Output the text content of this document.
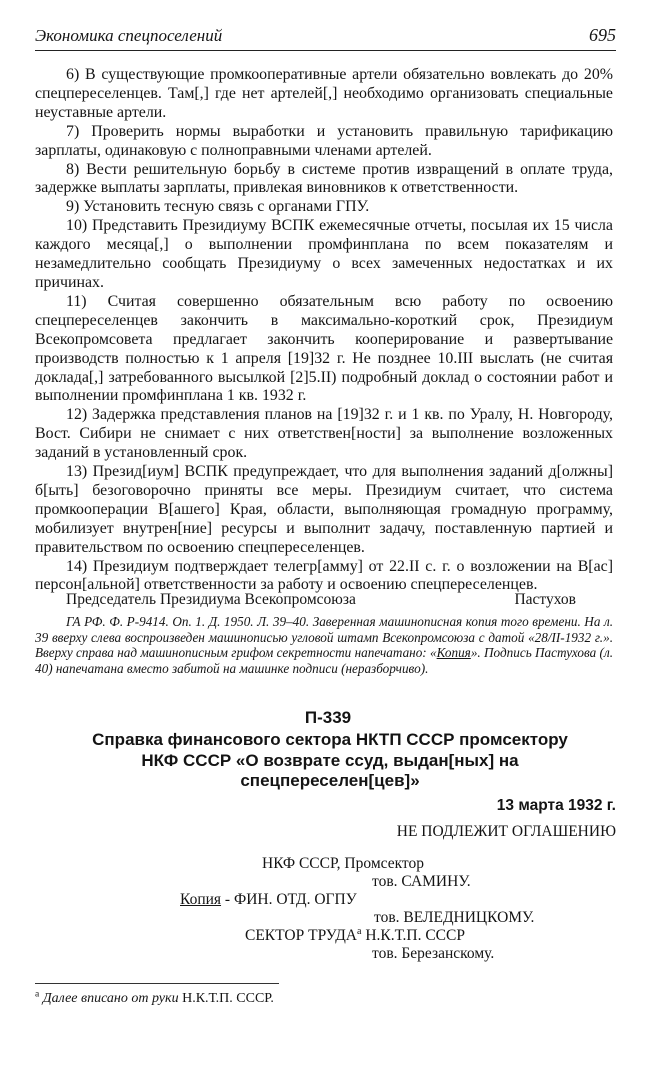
Экономика спецпоселений	695

6) В существующие промкооперативные артели обязательно вовлекать до 20% спецпереселенцев. Там[,] где нет артелей[,] необходимо организовать специальные неуставные артели.

7) Проверить нормы выработки и установить правильную тарификацию зарплаты, одинаковую с полноправными членами артелей.

8) Вести решительную борьбу в системе против извращений в оплате труда, задержке выплаты зарплаты, привлекая виновников к ответственности.

9) Установить тесную связь с органами ГПУ.

10) Представить Президиуму ВСПК ежемесячные отчеты, посылая их 15 числа каждого месяца[,] о выполнении промфинплана по всем показателям и незамедлительно сообщать Президиуму о всех замеченных недостатках и их причинах.

11) Считая совершенно обязательным всю работу по освоению спецпереселенцев закончить в максимально-короткий срок, Президиум Всекопромсовета предлагает закончить кооперирование и развертывание производств полностью к 1 апреля [19]32 г. Не позднее 10.III выслать (не считая доклада[,] затребованного высылкой [2]5.II) подробный доклад о состоянии работ и выполнении промфинплана 1 кв. 1932 г.

12) Задержка представления планов на [19]32 г. и 1 кв. по Уралу, Н. Новгороду, Вост. Сибири не снимает с них ответствен[ности] за выполнение возложенных заданий в установленный срок.

13) Презид[иум] ВСПК предупреждает, что для выполнения заданий д[олжны] б[ыть] безоговорочно приняты все меры. Президиум считает, что система промкооперации В[ашего] Края, области, выполняющая громадную программу, мобилизует внутрен[ние] ресурсы и выполнит задачу, поставленную партией и правительством по освоению спецпереселенцев.

14) Президиум подтверждает телегр[амму] от 22.II с. г. о возложении на В[ас] персон[альной] ответственности за работу и освоению спецпереселенцев.

Председатель Президиума Всекопромсоюза	Пастухов

ГА РФ. Ф. Р-9414. Оп. 1. Д. 1950. Л. 39–40. Заверенная машинописная копия того времени. На л. 39 вверху слева воспроизведен машинописью угловой штамп Всекопромсоюза с датой «28/II-1932 г.». Вверху справа над машинописным грифом секретности напечатано: «Копия». Подпись Пастухова (л. 40) напечатана вместо забитой на машинке подписи (неразборчиво).

П-339
Справка финансового сектора НКТП СССР промсектору НКФ СССР «О возврате ссуд, выдан[ных] на спецпереселен[цев]»
13 марта 1932 г.
НЕ ПОДЛЕЖИТ ОГЛАШЕНИЮ
НКФ СССР, Промсектор
тов. САМИНУ.
Копия - ФИН. ОТД. ОГПУ
тов. ВЕЛЕДНИЦКОМУ.
СЕКТОР ТРУДА$^a$ Н.К.Т.П. СССР
тов. Березанскому.
$^a$ Далее вписано от руки Н.К.Т.П. СССР.
